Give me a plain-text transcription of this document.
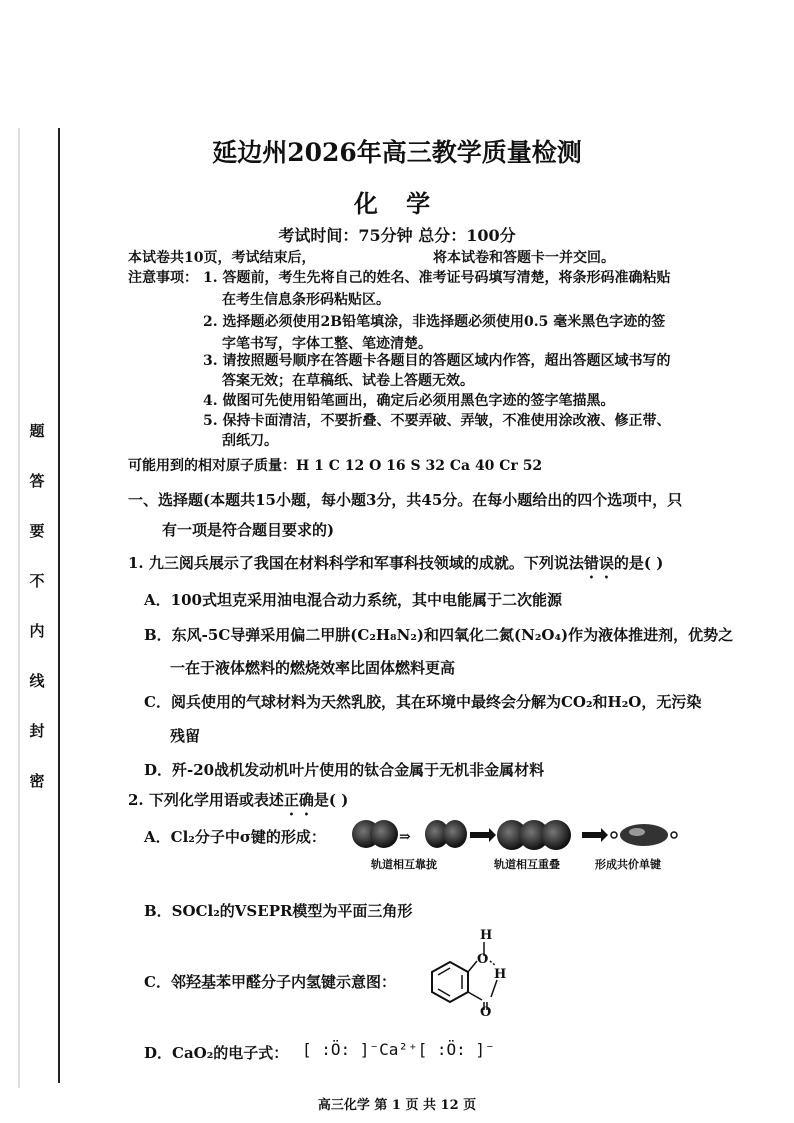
题
答
要
不
内
线
封
密
延边州2026年高三教学质量检测
化 学
考试时间：75分钟 总分：100分
本试卷共10页，考试结束后，	将本试卷和答题卡一并交回。
注意事项： 1. 答题前，考生先将自己的姓名、准考证号码填写清楚，将条形码准确粘贴
在考生信息条形码粘贴区。
2. 选择题必须使用2B铅笔填涂，非选择题必须使用0.5 毫米黑色字迹的签
字笔书写，字体工整、笔迹清楚。
3. 请按照题号顺序在答题卡各题目的答题区域内作答，超出答题区域书写的
答案无效；在草稿纸、试卷上答题无效。
4. 做图可先使用铅笔画出，确定后必须用黑色字迹的签字笔描黑。
5. 保持卡面清洁，不要折叠、不要弄破、弄皱，不准使用涂改液、修正带、
刮纸刀。
可能用到的相对原子质量：H 1 C 12 O 16 S 32 Ca 40 Cr 52
一、选择题(本题共15小题，每小题3分，共45分。在每小题给出的四个选项中，只
有一项是符合题目要求的)
1. 九三阅兵展示了我国在材料科学和军事科技领域的成就。下列说法错误的是( )
A．100式坦克采用油电混合动力系统，其中电能属于二次能源
B．东风-5C导弹采用偏二甲肼(C₂H₈N₂)和四氧化二氮(N₂O₄)作为液体推进剂，优势之
一在于液体燃料的燃烧效率比固体燃料更高
C．阅兵使用的气球材料为天然乳胶，其在环境中最终会分解为CO₂和H₂O，无污染
残留
D．歼-20战机发动机叶片使用的钛合金属于无机非金属材料
2. 下列化学用语或表述正确是( )
A．Cl₂分子中σ键的形成：	⇒
轨道相互靠拢	轨道相互重叠	形成共价单键
B．SOCl₂的VSEPR模型为平面三角形
C．邻羟基苯甲醛分子内氢键示意图：
H
O
H
O
D．CaO₂的电子式： [ :Ö: ]⁻Ca²⁺[ :Ö: ]⁻
高三化学 第 1 页 共 12 页
